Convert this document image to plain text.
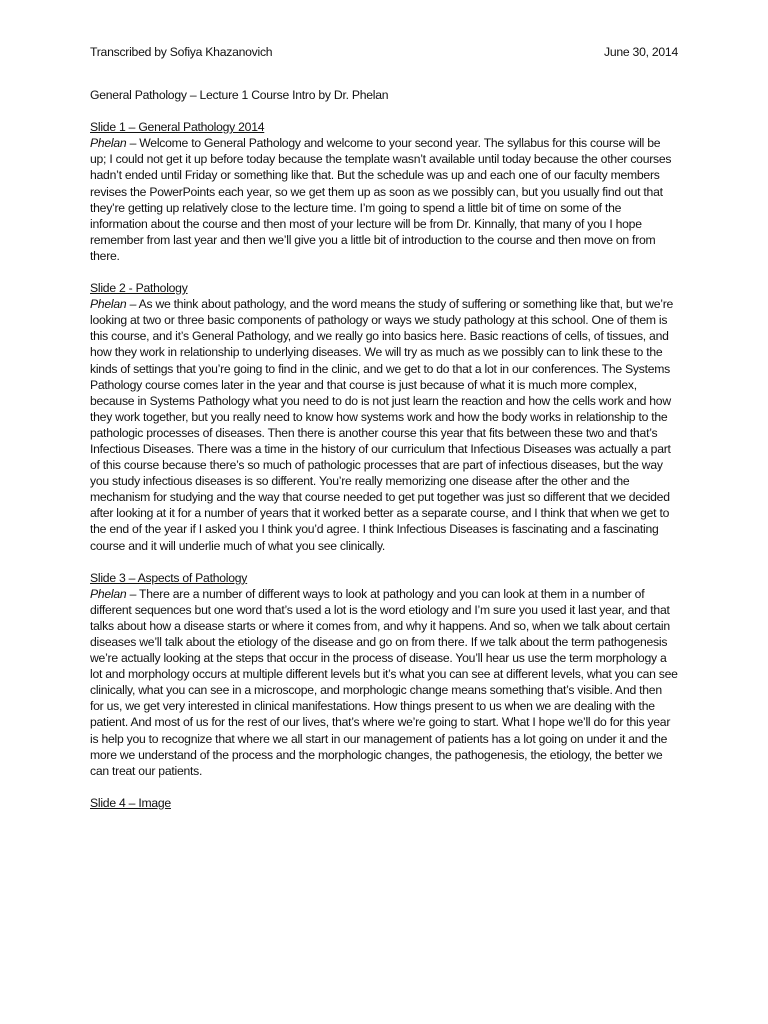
Transcribed by Sofiya Khazanovich	June 30, 2014
General Pathology – Lecture 1 Course Intro by Dr. Phelan
Slide 1 – General Pathology 2014
Phelan – Welcome to General Pathology and welcome to your second year. The syllabus for this course will be up; I could not get it up before today because the template wasn’t available until today because the other courses hadn’t ended until Friday or something like that. But the schedule was up and each one of our faculty members revises the PowerPoints each year, so we get them up as soon as we possibly can, but you usually find out that they’re getting up relatively close to the lecture time. I’m going to spend a little bit of time on some of the information about the course and then most of your lecture will be from Dr. Kinnally, that many of you I hope remember from last year and then we’ll give you a little bit of introduction to the course and then move on from there.
Slide 2 - Pathology
Phelan – As we think about pathology, and the word means the study of suffering or something like that, but we’re looking at two or three basic components of pathology or ways we study pathology at this school. One of them is this course, and it’s General Pathology, and we really go into basics here. Basic reactions of cells, of tissues, and how they work in relationship to underlying diseases. We will try as much as we possibly can to link these to the kinds of settings that you’re going to find in the clinic, and we get to do that a lot in our conferences. The Systems Pathology course comes later in the year and that course is just because of what it is much more complex, because in Systems Pathology what you need to do is not just learn the reaction and how the cells work and how they work together, but you really need to know how systems work and how the body works in relationship to the pathologic processes of diseases. Then there is another course this year that fits between these two and that’s Infectious Diseases. There was a time in the history of our curriculum that Infectious Diseases was actually a part of this course because there’s so much of pathologic processes that are part of infectious diseases, but the way you study infectious diseases is so different. You’re really memorizing one disease after the other and the mechanism for studying and the way that course needed to get put together was just so different that we decided after looking at it for a number of years that it worked better as a separate course, and I think that when we get to the end of the year if I asked you I think you’d agree. I think Infectious Diseases is fascinating and a fascinating course and it will underlie much of what you see clinically.
Slide 3 – Aspects of Pathology
Phelan – There are a number of different ways to look at pathology and you can look at them in a number of different sequences but one word that’s used a lot is the word etiology and I’m sure you used it last year, and that talks about how a disease starts or where it comes from, and why it happens. And so, when we talk about certain diseases we’ll talk about the etiology of the disease and go on from there. If we talk about the term pathogenesis we’re actually looking at the steps that occur in the process of disease. You’ll hear us use the term morphology a lot and morphology occurs at multiple different levels but it’s what you can see at different levels, what you can see clinically, what you can see in a microscope, and morphologic change means something that’s visible. And then for us, we get very interested in clinical manifestations. How things present to us when we are dealing with the patient. And most of us for the rest of our lives, that’s where we’re going to start. What I hope we’ll do for this year is help you to recognize that where we all start in our management of patients has a lot going on under it and the more we understand of the process and the morphologic changes, the pathogenesis, the etiology, the better we can treat our patients.
Slide 4 – Image
